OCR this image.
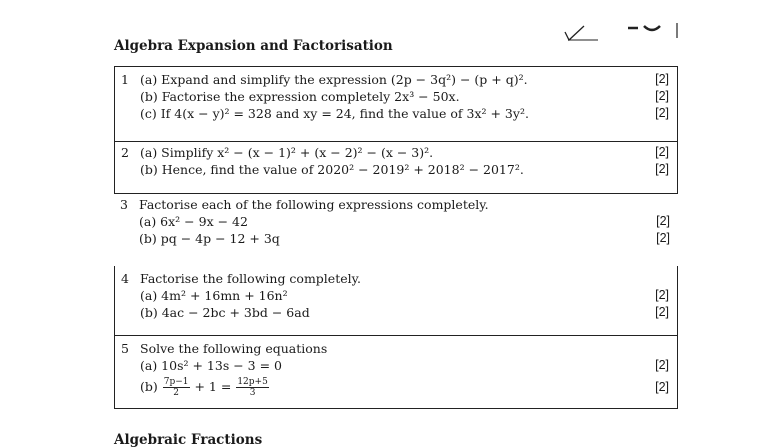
Algebra Expansion and Factorisation
1 (a) Expand and simplify the expression (2p − 3q²) − (p + q)².	[2]
(b) Factorise the expression completely 2x³ − 50x.	[2]
(c) If 4(x − y)² = 328 and xy = 24, find the value of 3x² + 3y².	[2]
2 (a) Simplify x² − (x − 1)² + (x − 2)² − (x − 3)².	[2]
(b) Hence, find the value of 2020² − 2019² + 2018² − 2017².	[2]
3 Factorise each of the following expressions completely.
(a) 6x² − 9x − 42	[2]
(b) pq − 4p − 12 + 3q	[2]
4 Factorise the following completely.
(a) 4m² + 16mn + 16n²	[2]
(b) 4ac − 2bc + 3bd − 6ad	[2]
5 Solve the following equations
(a) 10s² + 13s − 3 = 0	[2]
$(b) \frac{7p-1}{2} + 1 = \frac{12p+5}{3}$	[2]
Algebraic Fractions
